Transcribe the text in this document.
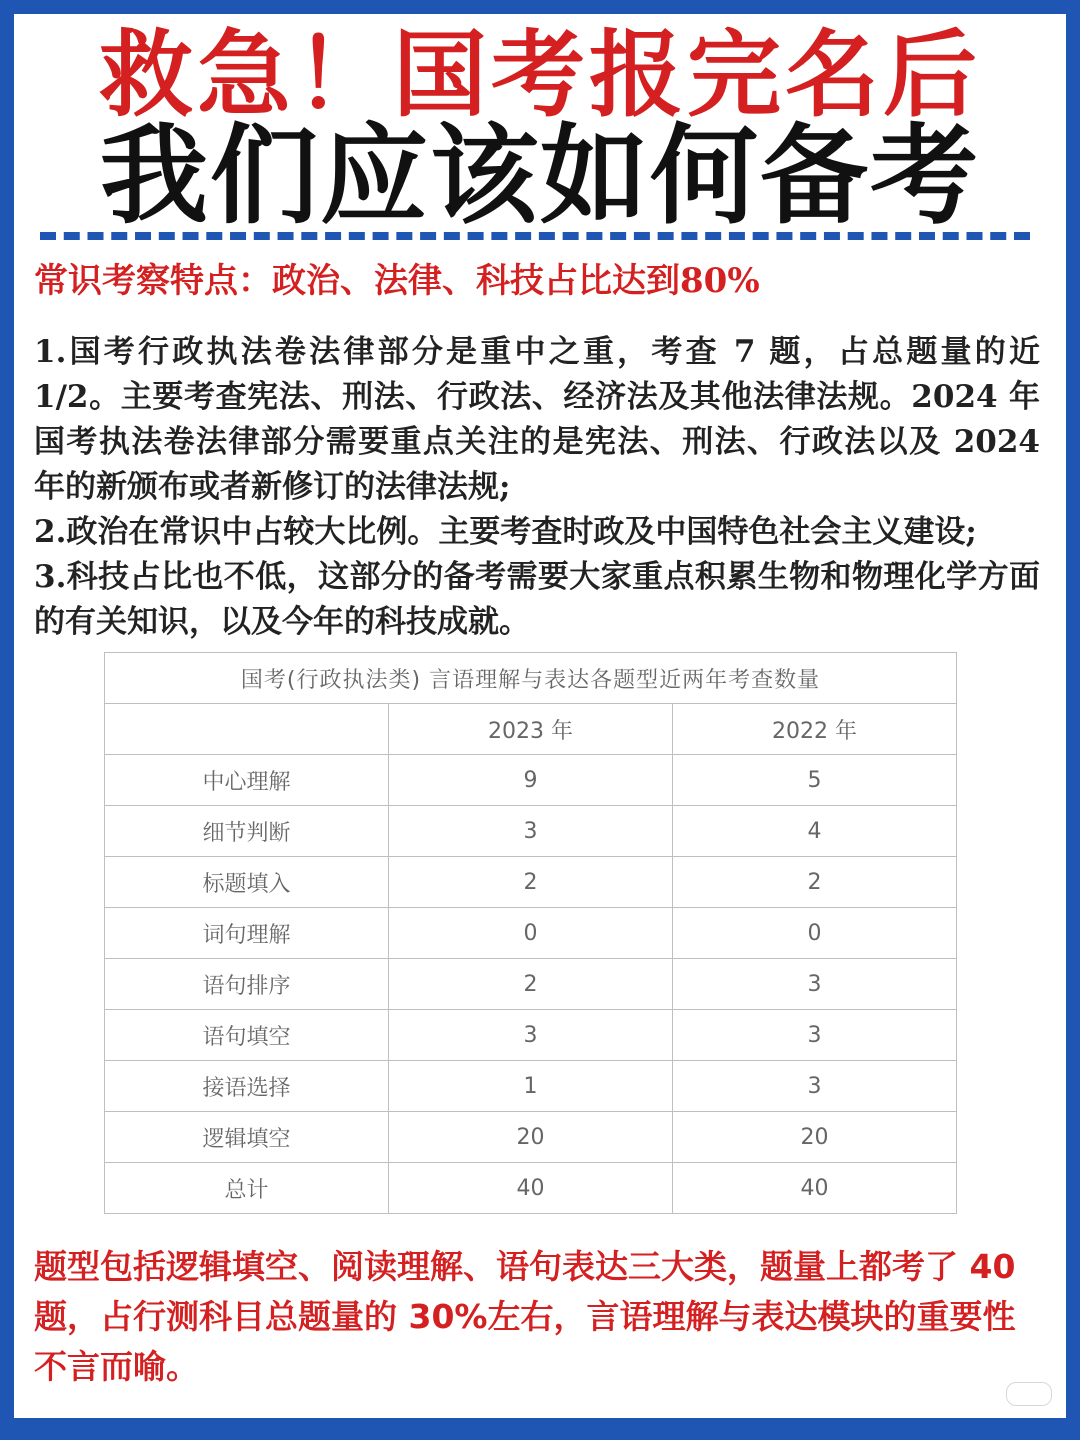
救急！国考报完名后
我们应该如何备考
常识考察特点：政治、法律、科技占比达到80%

1.国考行政执法卷法律部分是重中之重，考查 7 题，占总题量的近 1/2。主要考查宪法、刑法、行政法、经济法及其他法律法规。2024 年国考执法卷法律部分需要重点关注的是宪法、刑法、行政法以及 2024 年的新颁布或者新修订的法律法规;

2.政治在常识中占较大比例。主要考查时政及中国特色社会主义建设;

3.科技占比也不低，这部分的备考需要大家重点积累生物和物理化学方面的有关知识，以及今年的科技成就。

国考(行政执法类) 言语理解与表达各题型近两年考查数量		
	2023 年	2022 年
中心理解	9	5
细节判断	3	4
标题填入	2	2
词句理解	0	0
语句排序	2	3
语句填空	3	3
接语选择	1	3
逻辑填空	20	20
总计	40	40
题型包括逻辑填空、阅读理解、语句表达三大类，题量上都考了 40 题，占行测科目总题量的 30%左右，言语理解与表达模块的重要性不言而喻。
